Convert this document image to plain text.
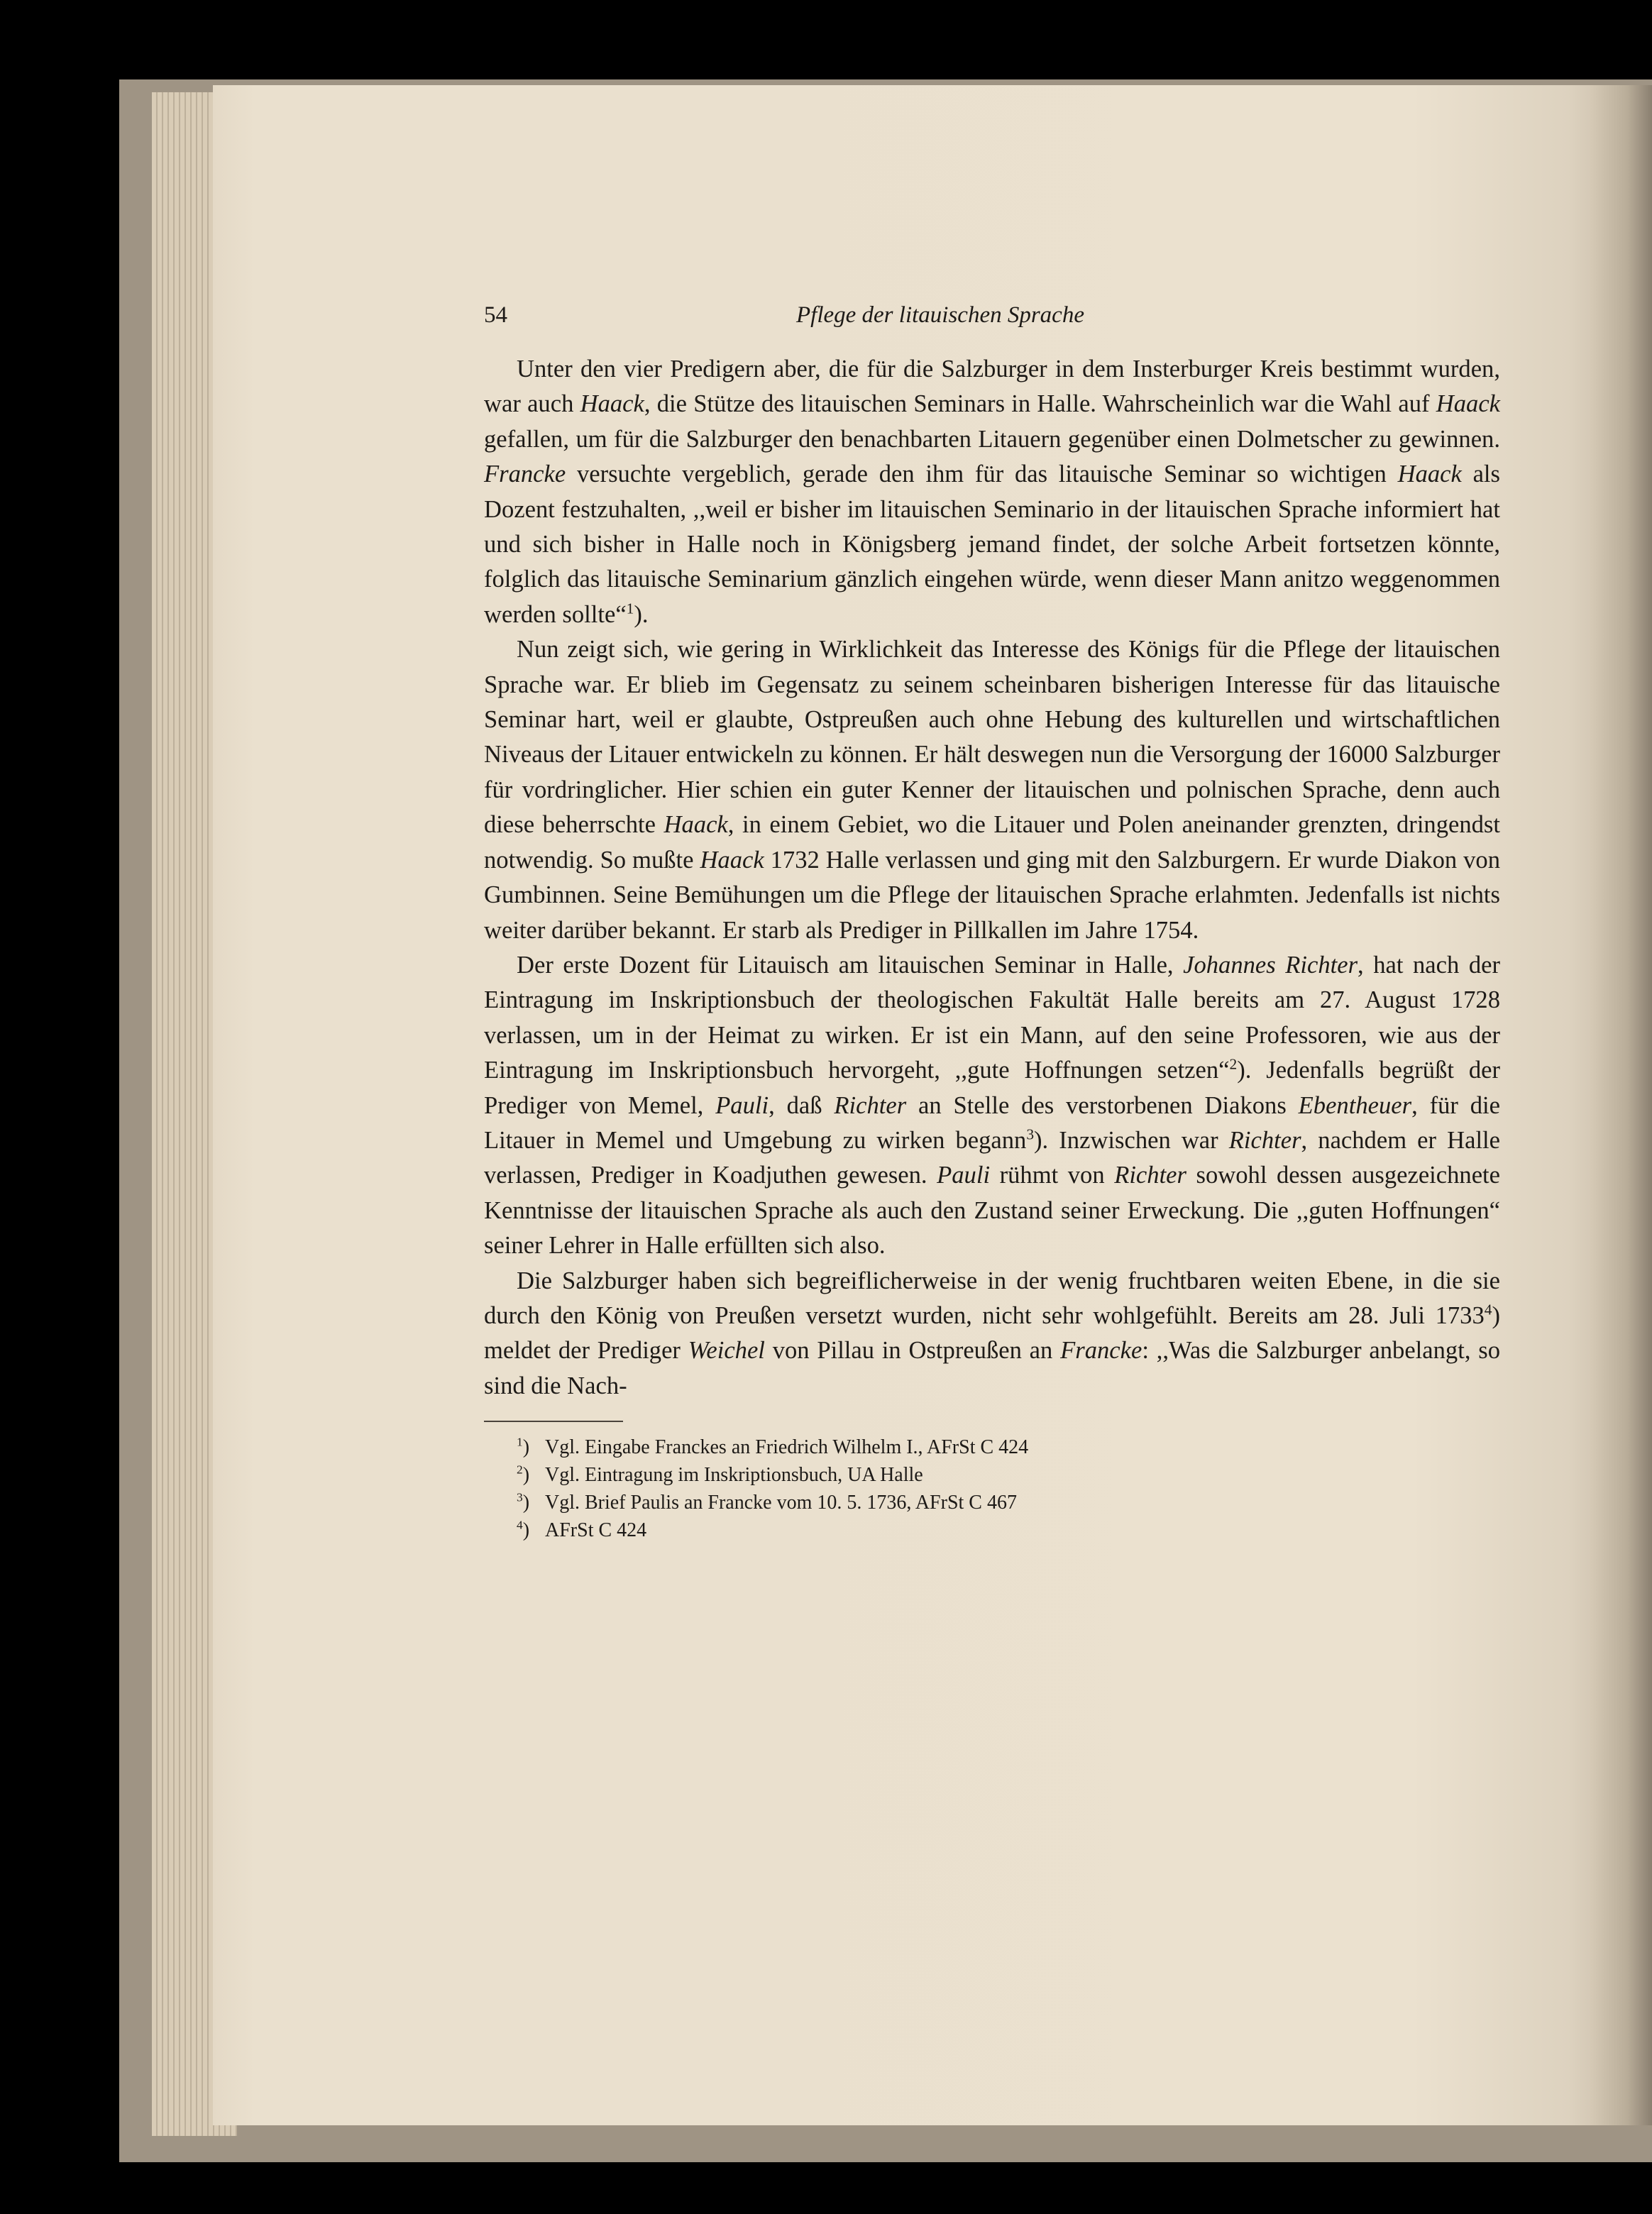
54	Pflege der litauischen Sprache

Unter den vier Predigern aber, die für die Salzburger in dem Insterburger Kreis bestimmt wurden, war auch Haack, die Stütze des litauischen Seminars in Halle. Wahrscheinlich war die Wahl auf Haack gefallen, um für die Salzburger den benachbarten Litauern gegenüber einen Dolmetscher zu gewinnen. Francke versuchte vergeblich, gerade den ihm für das litauische Seminar so wichtigen Haack als Dozent festzuhalten, ,,weil er bisher im litauischen Seminario in der litauischen Sprache informiert hat und sich bisher in Halle noch in Königsberg jemand findet, der solche Arbeit fortsetzen könnte, folglich das litauische Seminarium gänzlich eingehen würde, wenn dieser Mann anitzo weggenommen werden sollte“$^1$).

Nun zeigt sich, wie gering in Wirklichkeit das Interesse des Königs für die Pflege der litauischen Sprache war. Er blieb im Gegensatz zu seinem scheinbaren bisherigen Interesse für das litauische Seminar hart, weil er glaubte, Ostpreußen auch ohne Hebung des kulturellen und wirtschaftlichen Niveaus der Litauer entwickeln zu können. Er hält deswegen nun die Versorgung der 16000 Salzburger für vordringlicher. Hier schien ein guter Kenner der litauischen und polnischen Sprache, denn auch diese beherrschte Haack, in einem Gebiet, wo die Litauer und Polen aneinander grenzten, dringendst notwendig. So mußte Haack 1732 Halle verlassen und ging mit den Salzburgern. Er wurde Diakon von Gumbinnen. Seine Bemühungen um die Pflege der litauischen Sprache erlahmten. Jedenfalls ist nichts weiter darüber bekannt. Er starb als Prediger in Pillkallen im Jahre 1754.

Der erste Dozent für Litauisch am litauischen Seminar in Halle, Johannes Richter, hat nach der Eintragung im Inskriptionsbuch der theologischen Fakultät Halle bereits am 27. August 1728 verlassen, um in der Heimat zu wirken. Er ist ein Mann, auf den seine Professoren, wie aus der Eintragung im Inskriptionsbuch hervorgeht, ,,gute Hoffnungen setzen“$^2$). Jedenfalls begrüßt der Prediger von Memel, Pauli, daß Richter an Stelle des verstorbenen Diakons Ebentheuer, für die Litauer in Memel und Umgebung zu wirken begann$^3$). Inzwischen war Richter, nachdem er Halle verlassen, Prediger in Koadjuthen gewesen. Pauli rühmt von Richter sowohl dessen ausgezeichnete Kenntnisse der litauischen Sprache als auch den Zustand seiner Erweckung. Die ,,guten Hoffnungen“ seiner Lehrer in Halle erfüllten sich also.

Die Salzburger haben sich begreiflicherweise in der wenig fruchtbaren weiten Ebene, in die sie durch den König von Preußen versetzt wurden, nicht sehr wohlgefühlt. Bereits am 28. Juli 1733$^4$) meldet der Prediger Weichel von Pillau in Ostpreußen an Francke: ,,Was die Salzburger anbelangt, so sind die Nach-

$^1$) Vgl. Eingabe Franckes an Friedrich Wilhelm I., AFrSt C 424
$^2$) Vgl. Eintragung im Inskriptionsbuch, UA Halle
$^3$) Vgl. Brief Paulis an Francke vom 10. 5. 1736, AFrSt C 467
$^4$) AFrSt C 424
